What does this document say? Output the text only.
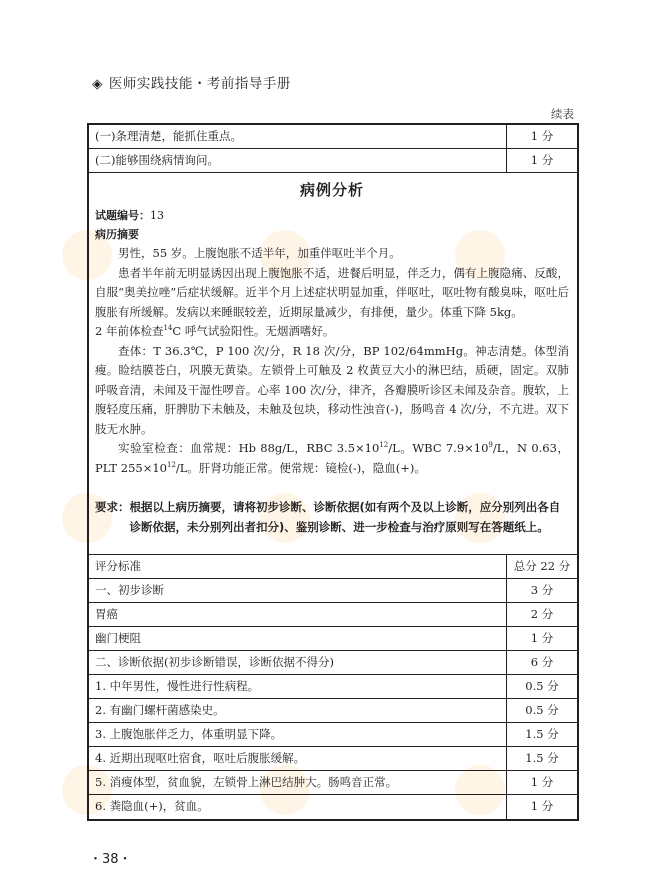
◈ 医师实践技能・考前指导手册
续表
(一)条理清楚，能抓住重点。	1 分
(二)能够围绕病情询问。	1 分
病例分析
试题编号：13
病历摘要

男性，55 岁。上腹饱胀不适半年，加重伴呕吐半个月。

患者半年前无明显诱因出现上腹饱胀不适，进餐后明显，伴乏力，偶有上腹隐痛、反酸，自服“奥美拉唑”后症状缓解。近半个月上述症状明显加重，伴呕吐，呕吐物有酸臭味，呕吐后腹胀有所缓解。发病以来睡眠较差，近期尿量减少，有排便，量少。体重下降 5kg。

2 年前体检查$^{14}$C 呼气试验阳性。无烟酒嗜好。

查体：T 36.3℃，P 100 次/分，R 18 次/分，BP 102/64mmHg。神志清楚。体型消瘦。睑结膜苍白，巩膜无黄染。左锁骨上可触及 2 枚黄豆大小的淋巴结，质硬，固定。双肺呼吸音清，未闻及干湿性啰音。心率 100 次/分，律齐，各瓣膜听诊区未闻及杂音。腹软，上腹轻度压痛，肝脾肋下未触及，未触及包块，移动性浊音(-)，肠鸣音 4 次/分，不亢进。双下肢无水肿。

实验室检查：血常规：Hb 88g/L，RBC $3.5\times 10^{12}/L$。WBC $7.9\times 10^9/L$，N 0.63，PLT $255\times 10^{12}/L$。肝肾功能正常。便常规：镜检(-)，隐血(+)。

要求： 根据以上病历摘要，请将初步诊断、诊断依据(如有两个及以上诊断，应分别列出各自诊断依据，未分别列出者扣分)、鉴别诊断、进一步检查与治疗原则写在答题纸上。
评分标准	总分 22 分
一、初步诊断	3 分
胃癌	2 分
幽门梗阻	1 分
二、诊断依据(初步诊断错误，诊断依据不得分)	6 分
1. 中年男性，慢性进行性病程。	0.5 分
2. 有幽门螺杆菌感染史。	0.5 分
3. 上腹饱胀伴乏力，体重明显下降。	1.5 分
4. 近期出现呕吐宿食，呕吐后腹胀缓解。	1.5 分
5. 消瘦体型，贫血貌，左锁骨上淋巴结肿大。肠鸣音正常。	1 分
6. 粪隐血(+)，贫血。	1 分
・38・
